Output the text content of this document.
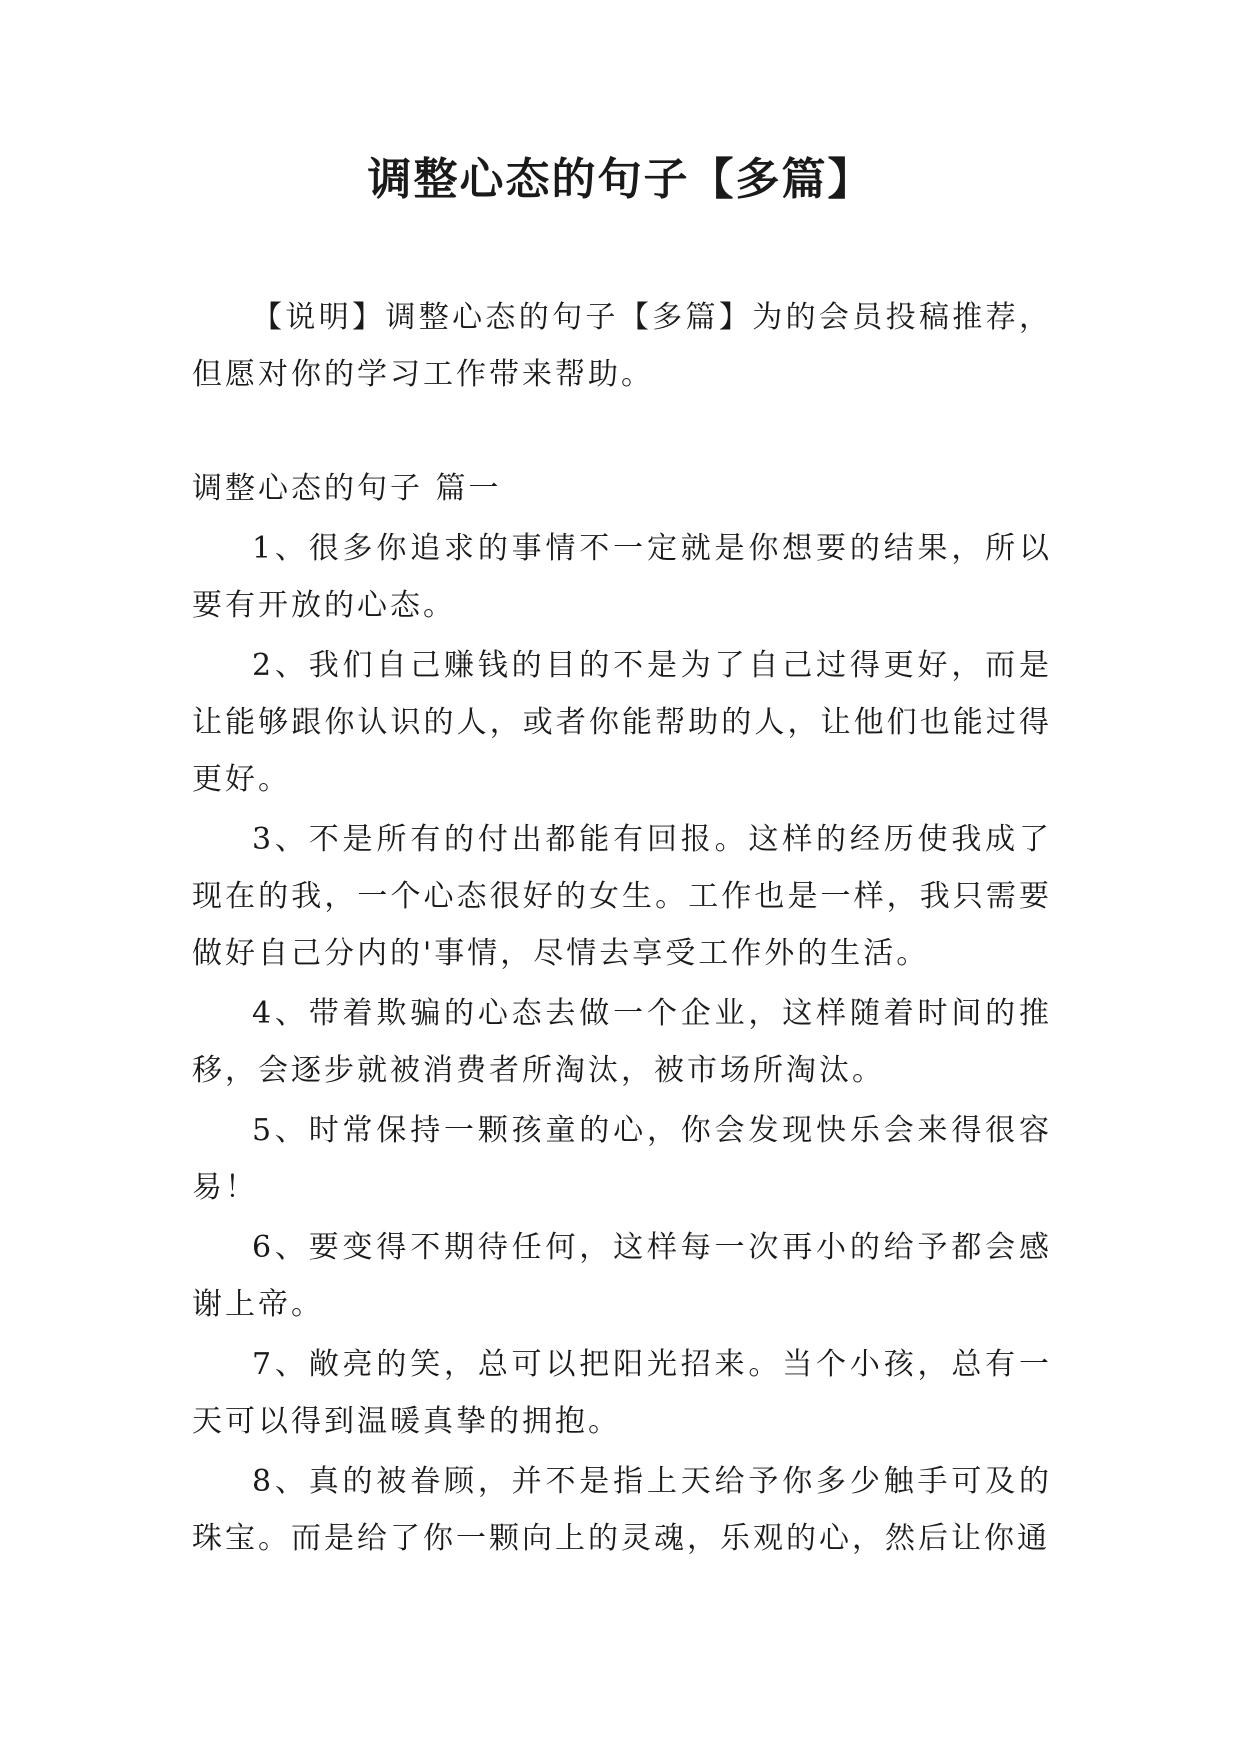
调整心态的句子【多篇】

【说明】调整心态的句子【多篇】为的会员投稿推荐，但愿对你的学习工作带来帮助。

调整心态的句子 篇一

1、很多你追求的事情不一定就是你想要的结果，所以要有开放的心态。

2、我们自己赚钱的目的不是为了自己过得更好，而是让能够跟你认识的人，或者你能帮助的人，让他们也能过得更好。

3、不是所有的付出都能有回报。这样的经历使我成了现在的我，一个心态很好的女生。工作也是一样，我只需要做好自己分内的'事情，尽情去享受工作外的生活。

4、带着欺骗的心态去做一个企业，这样随着时间的推移，会逐步就被消费者所淘汰，被市场所淘汰。

5、时常保持一颗孩童的心，你会发现快乐会来得很容易！

6、要变得不期待任何，这样每一次再小的给予都会感谢上帝。

7、敞亮的笑，总可以把阳光招来。当个小孩，总有一天可以得到温暖真挚的拥抱。

8、真的被眷顾，并不是指上天给予你多少触手可及的珠宝。而是给了你一颗向上的灵魂，乐观的心，然后让你通
